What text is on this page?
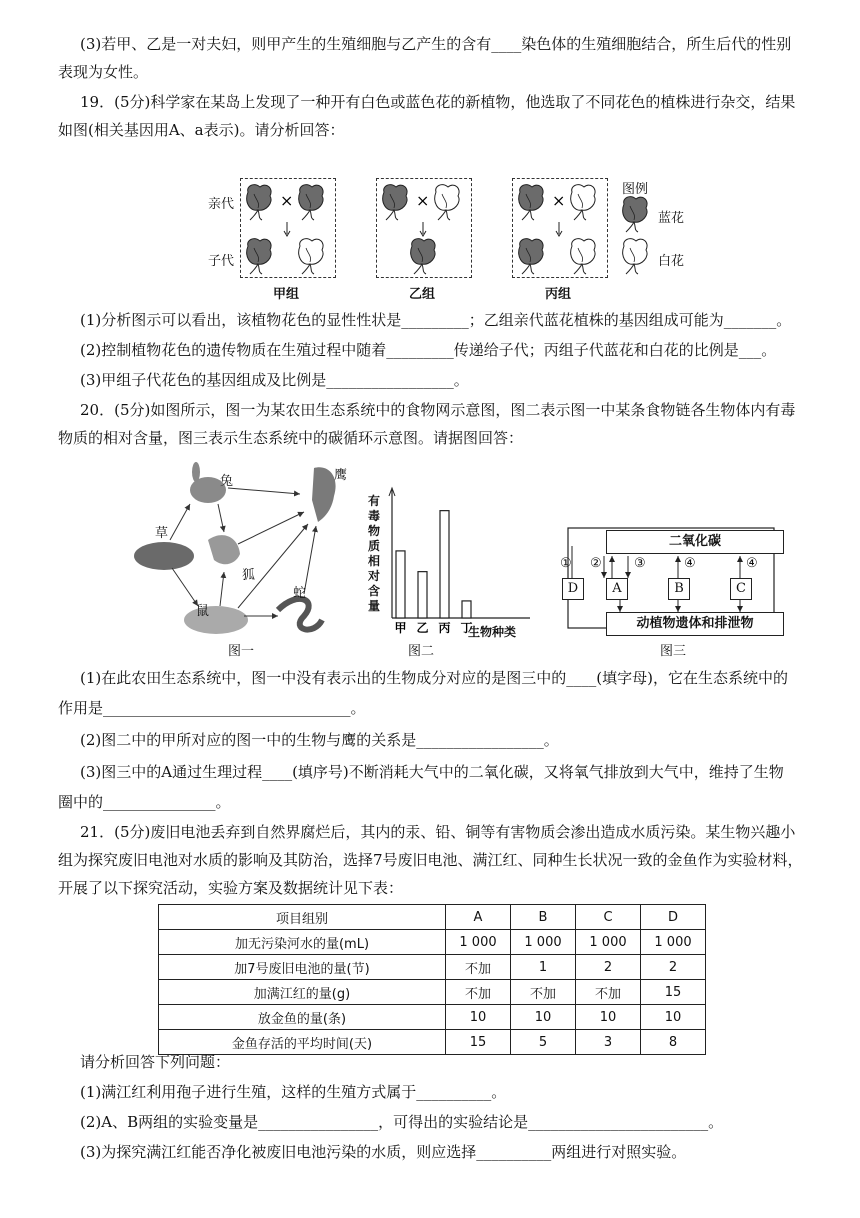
(3)若甲、乙是一对夫妇，则甲产生的生殖细胞与乙产生的含有____染色体的生殖细胞结合，所生后代的性别
表现为女性。
19．(5分)科学家在某岛上发现了一种开有白色或蓝色花的新植物，他选取了不同花色的植株进行杂交，结果
如图(相关基因用A、a表示)。请分析回答：
亲代
子代
×	×	×
图例
蓝花
白花
甲组	乙组	丙组
(1)分析图示可以看出，该植物花色的显性性状是_________；乙组亲代蓝花植株的基因组成可能为_______。
(2)控制植物花色的遗传物质在生殖过程中随着_________传递给子代；丙组子代蓝花和白花的比例是___。
(3)甲组子代花色的基因组成及比例是_________________。
20．(5分)如图所示，图一为某农田生态系统中的食物网示意图，图二表示图一中某条食物链各生物体内有毒
物质的相对含量，图三表示生态系统中的碳循环示意图。请据图回答：
兔	鹰
草
狐
鼠
蛇
图一
有毒物质相对含量
甲 乙 丙 丁
生物种类
图二
二氧化碳
动植物遗体和排泄物
D	A	B	C
① ② ③	④	④
图三
(1)在此农田生态系统中，图一中没有表示出的生物成分对应的是图三中的____(填字母)，它在生态系统中的
作用是_________________________________。
(2)图二中的甲所对应的图一中的生物与鹰的关系是_________________。
(3)图三中的A通过生理过程____(填序号)不断消耗大气中的二氧化碳，又将氧气排放到大气中，维持了生物
圈中的_______________。
21．(5分)废旧电池丢弃到自然界腐烂后，其内的汞、铅、铜等有害物质会渗出造成水质污染。某生物兴趣小
组为探究废旧电池对水质的影响及其防治，选择7号废旧电池、满江红、同种生长状况一致的金鱼作为实验材料，
开展了以下探究活动，实验方案及数据统计见下表：
项目组别	A	B	C	D
加无污染河水的量(mL)	1 000	1 000	1 000	1 000
加7号废旧电池的量(节)	不加	1	2	2
加满江红的量(g)	不加	不加	不加	15
放金鱼的量(条)	10	10	10	10
金鱼存活的平均时间(天)	15	5	3	8
请分析回答下列问题：
(1)满江红利用孢子进行生殖，这样的生殖方式属于__________。
(2)A、B两组的实验变量是________________，可得出的实验结论是________________________。
(3)为探究满江红能否净化被废旧电池污染的水质，则应选择__________两组进行对照实验。
